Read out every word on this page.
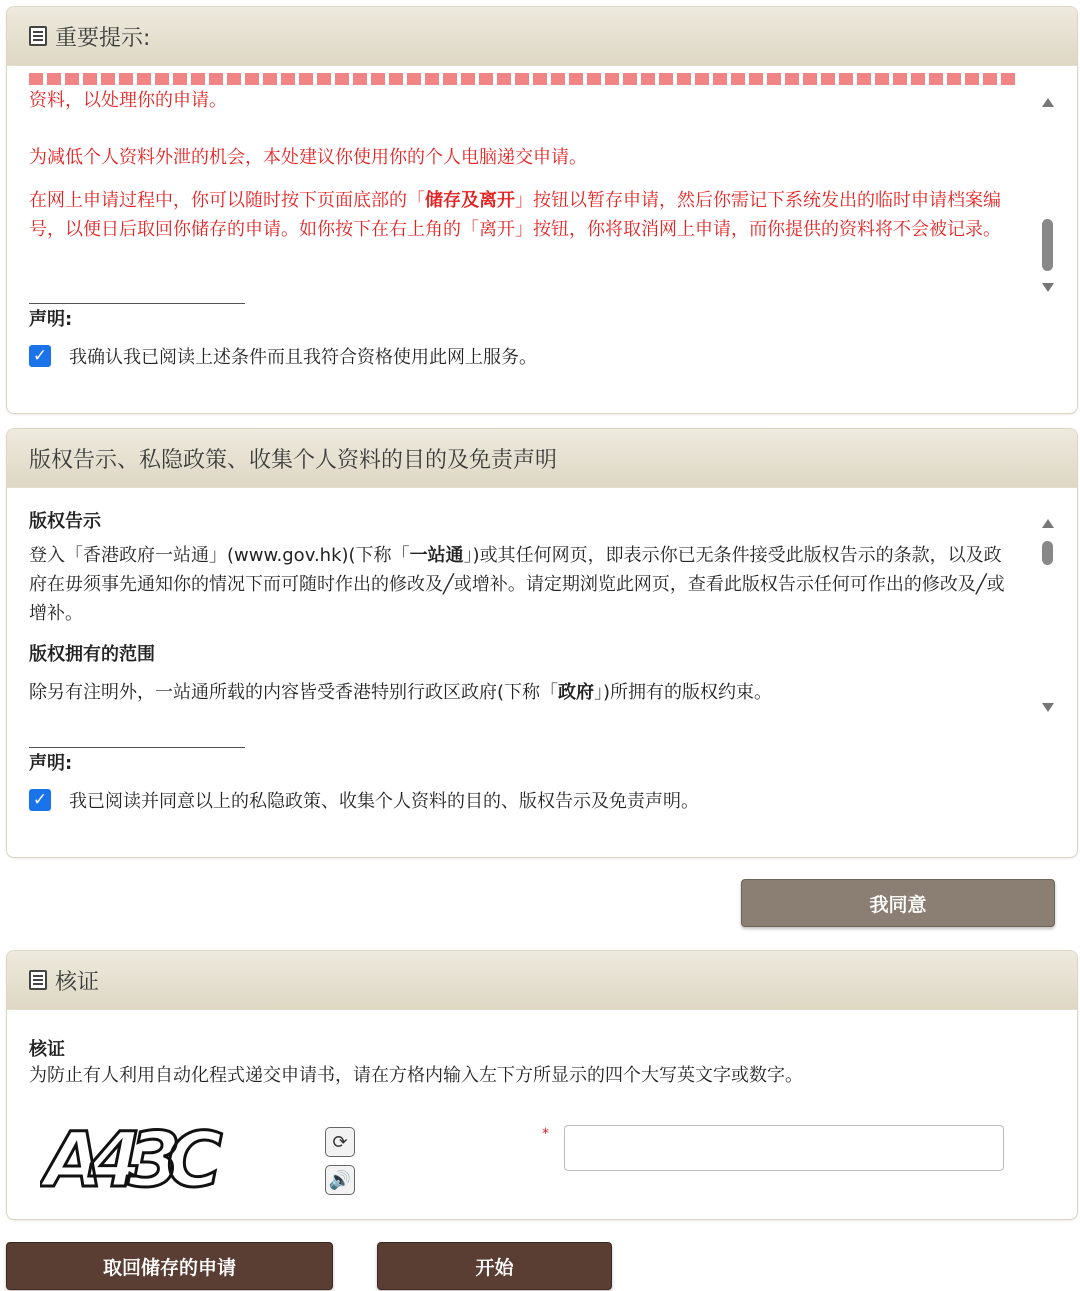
重要提示:
资料，以处理你的申请。
为减低个人资料外泄的机会，本处建议你使用你的个人电脑递交申请。
在网上申请过程中，你可以随时按下页面底部的「储存及离开」按钮以暂存申请，然后你需记下系统发出的临时申请档案编号，以便日后取回你储存的申请。如你按下在右上角的「离开」按钮，你将取消网上申请，而你提供的资料将不会被记录。
声明:
✓ 我确认我已阅读上述条件而且我符合资格使用此网上服务。
版权告示、私隐政策、收集个人资料的目的及免责声明
版权告示
登入「香港政府一站通」(www.gov.hk)(下称「一站通」)或其任何网页，即表示你已无条件接受此版权告示的条款，以及政府在毋须事先通知你的情况下而可随时作出的修改及╱或增补。请定期浏览此网页，查看此版权告示任何可作出的修改及╱或增补。
版权拥有的范围
除另有注明外，一站通所载的内容皆受香港特别行政区政府(下称「政府」)所拥有的版权约束。
声明:
✓ 我已阅读并同意以上的私隐政策、收集个人资料的目的、版权告示及免责声明。
我同意
核证
核证
为防止有人利用自动化程式递交申请书，请在方格内输入左下方所显示的四个大写英文字或数字。
A43C	⟳
🔊
*
取回储存的申请	开始
